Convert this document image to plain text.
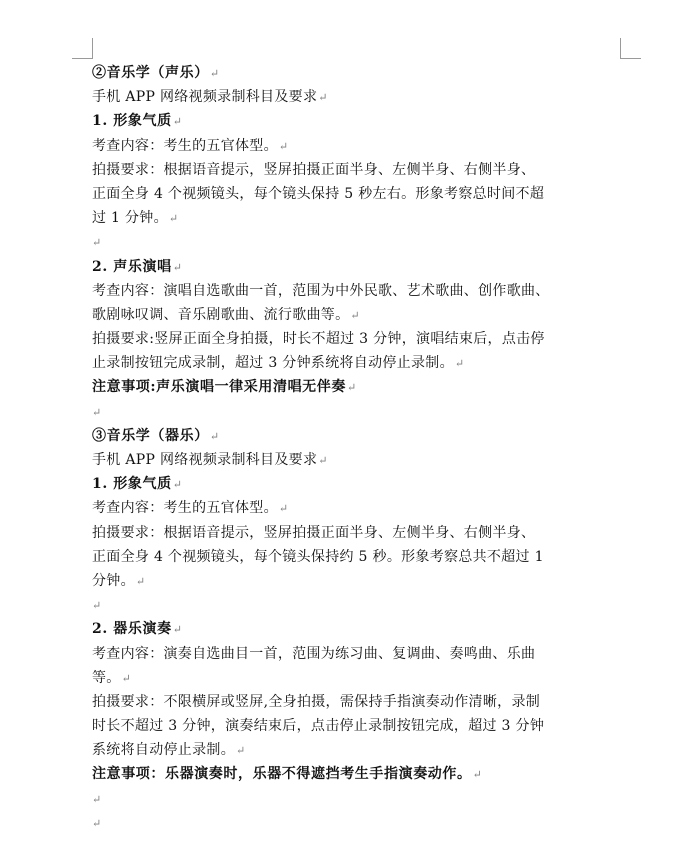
②音乐学（声乐）↵
手机 APP 网络视频录制科目及要求↵
1. 形象气质↵
考查内容：考生的五官体型。↵
拍摄要求：根据语音提示，竖屏拍摄正面半身、左侧半身、右侧半身、
正面全身 4 个视频镜头，每个镜头保持 5 秒左右。形象考察总时间不超
过 1 分钟。↵
↵
2. 声乐演唱↵
考查内容：演唱自选歌曲一首，范围为中外民歌、艺术歌曲、创作歌曲、
歌剧咏叹调、音乐剧歌曲、流行歌曲等。↵
拍摄要求:竖屏正面全身拍摄，时长不超过 3 分钟，演唱结束后，点击停
止录制按钮完成录制，超过 3 分钟系统将自动停止录制。↵
注意事项:声乐演唱一律采用清唱无伴奏↵
↵
③音乐学（器乐）↵
手机 APP 网络视频录制科目及要求↵
1. 形象气质↵
考查内容：考生的五官体型。↵
拍摄要求：根据语音提示，竖屏拍摄正面半身、左侧半身、右侧半身、
正面全身 4 个视频镜头，每个镜头保持约 5 秒。形象考察总共不超过 1
分钟。↵
↵
2. 器乐演奏↵
考查内容：演奏自选曲目一首，范围为练习曲、复调曲、奏鸣曲、乐曲
等。↵
拍摄要求：不限横屏或竖屏,全身拍摄，需保持手指演奏动作清晰，录制
时长不超过 3 分钟，演奏结束后，点击停止录制按钮完成，超过 3 分钟
系统将自动停止录制。↵
注意事项：乐器演奏时，乐器不得遮挡考生手指演奏动作。↵
↵
↵
